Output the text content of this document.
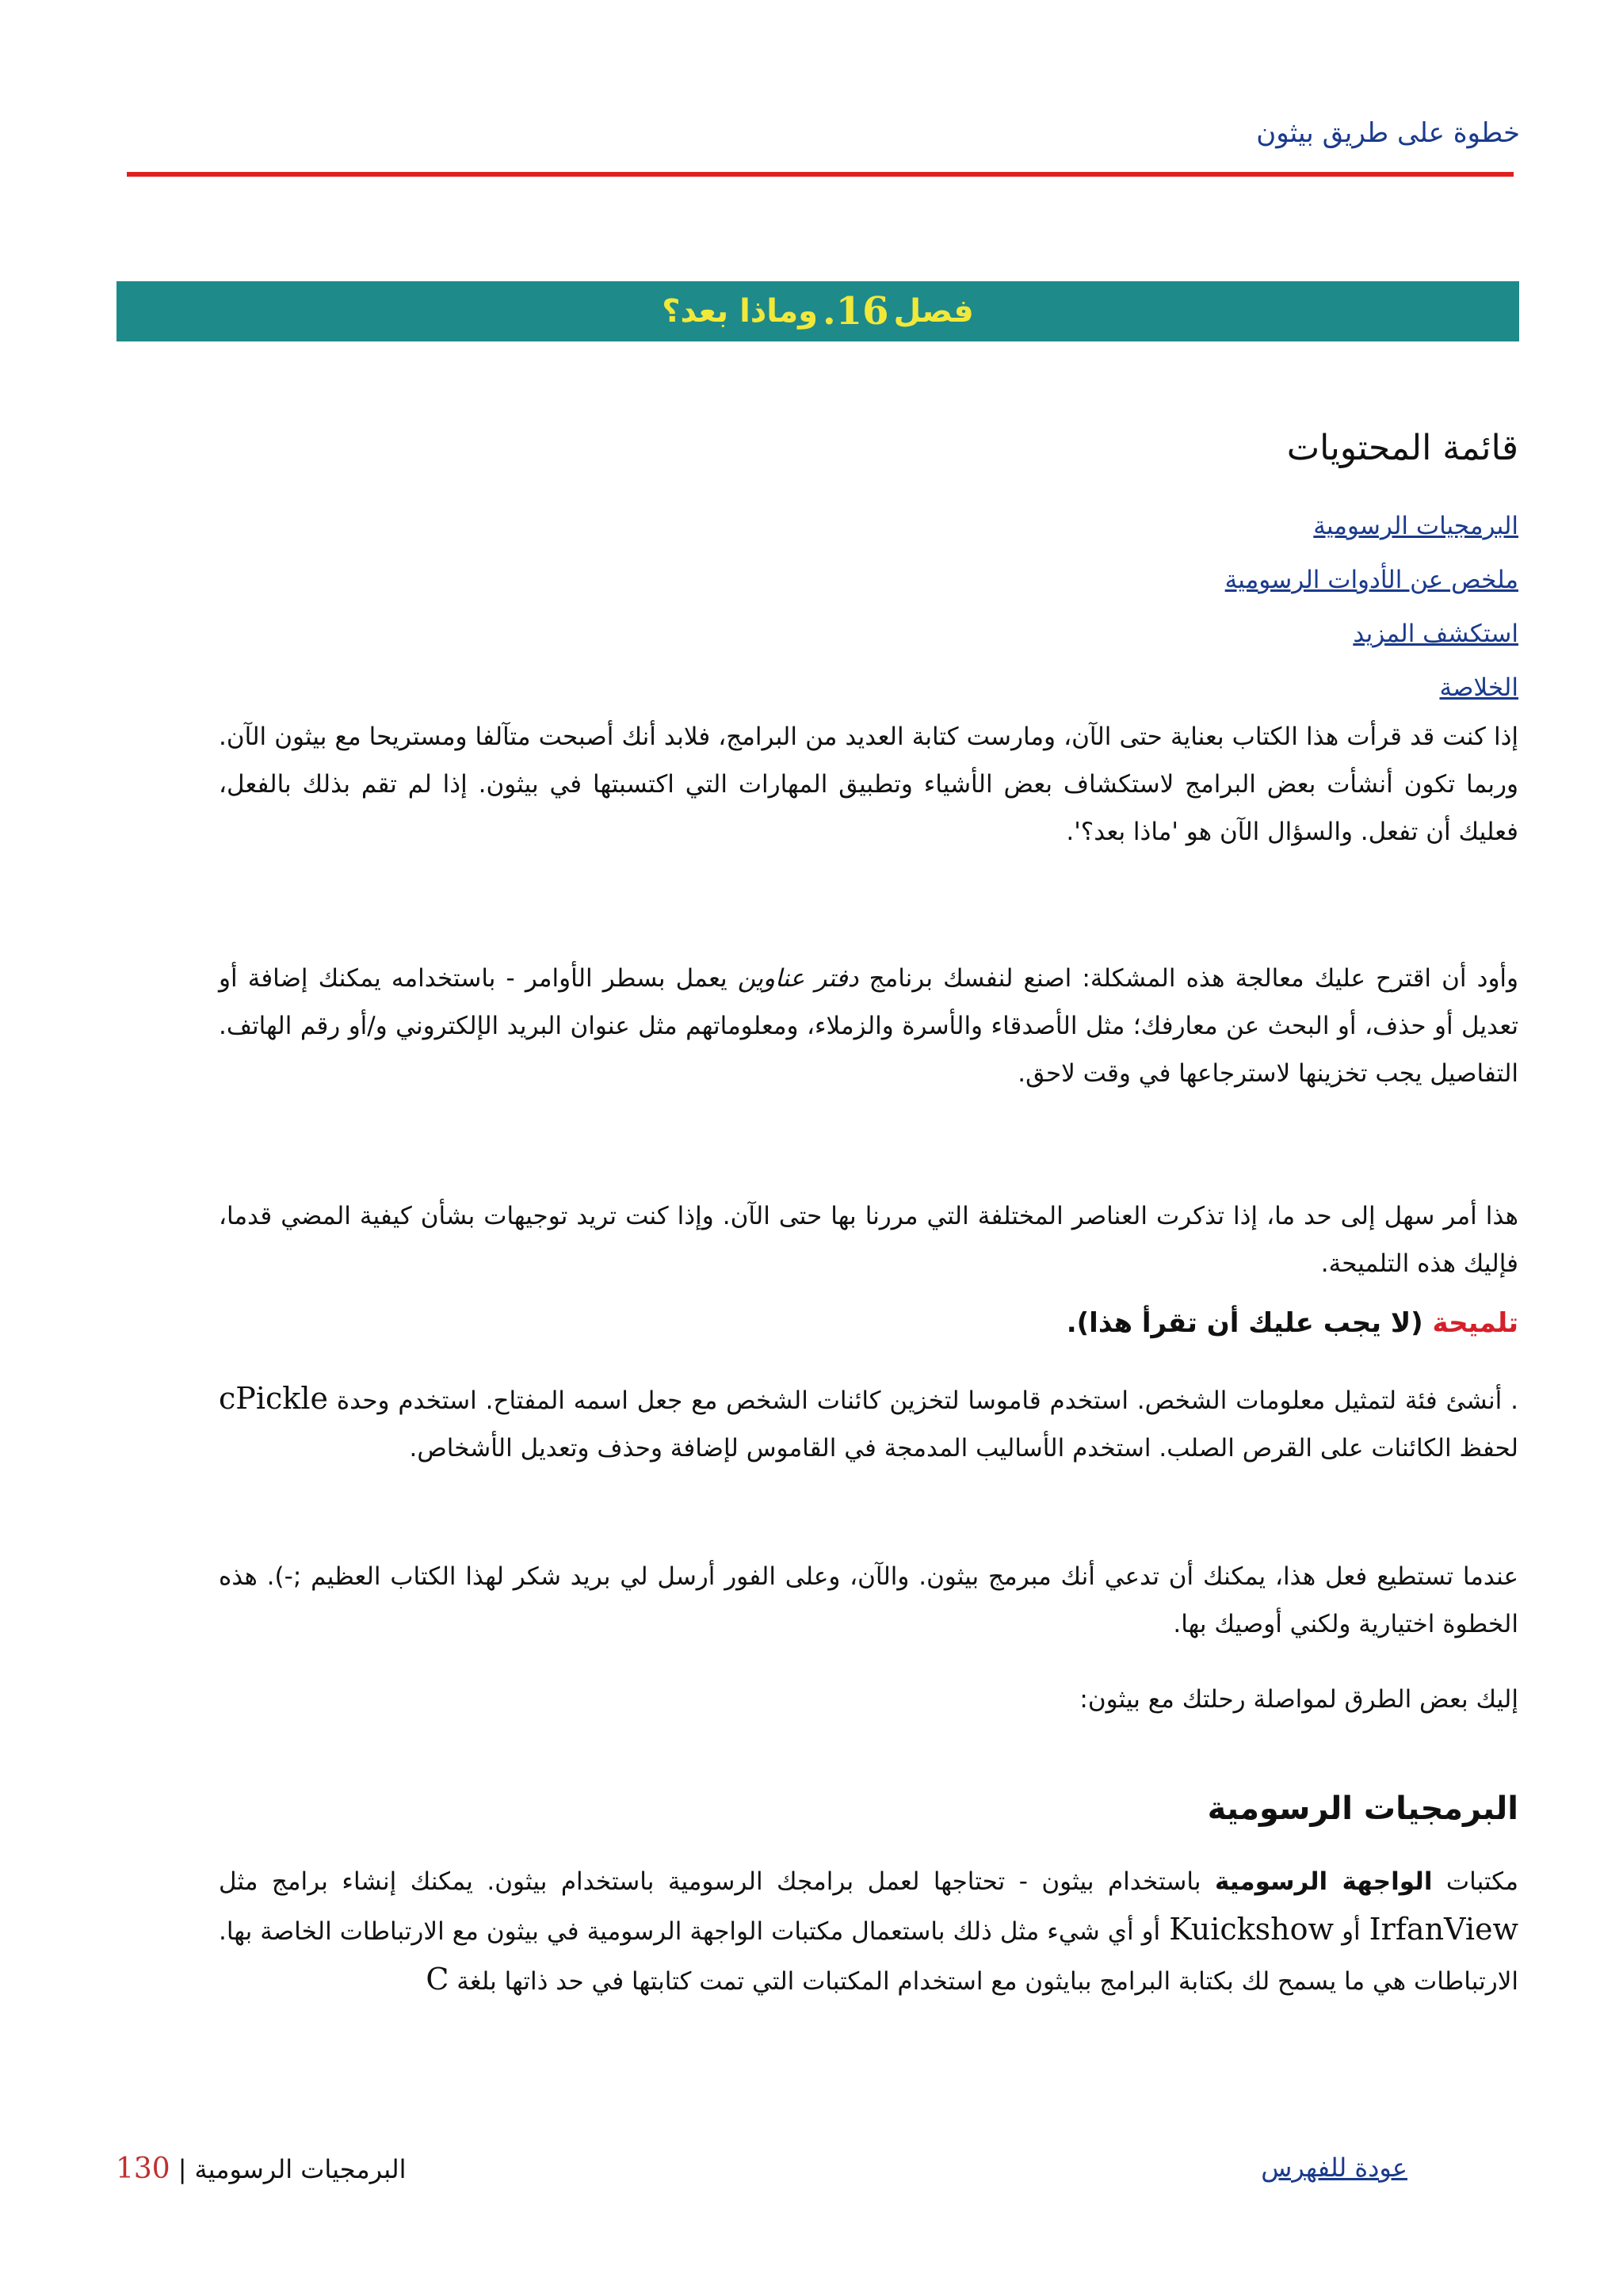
خطوة على طريق بيثون
فصل
16.
وماذا بعد؟
قائمة المحتويات
البرمجيات الرسومية
ملخص عن الأدوات الرسومية
استكشف المزيد
الخلاصة

إذا كنت قد قرأت هذا الكتاب بعناية حتى الآن، ومارست كتابة العديد من البرامج، فلابد أنك أصبحت متآلفا ومستريحا مع بيثون الآن. وربما تكون أنشأت بعض البرامج لاستكشاف بعض الأشياء وتطبيق المهارات التي اكتسبتها في بيثون. إذا لم تقم بذلك بالفعل، فعليك أن تفعل. والسؤال الآن هو 'ماذا بعد؟'.

وأود أن اقترح عليك معالجة هذه المشكلة: اصنع لنفسك برنامج دفتر عناوين يعمل بسطر الأوامر - باستخدامه يمكنك إضافة أو تعديل أو حذف، أو البحث عن معارفك؛ مثل الأصدقاء والأسرة والزملاء، ومعلوماتهم مثل عنوان البريد الإلكتروني و/أو رقم الهاتف. التفاصيل يجب تخزينها لاسترجاعها في وقت لاحق.

هذا أمر سهل إلى حد ما، إذا تذكرت العناصر المختلفة التي مررنا بها حتى الآن. وإذا كنت تريد توجيهات بشأن كيفية المضي قدما، فإليك هذه التلميحة.

تلميحة (لا يجب عليك أن تقرأ هذا).

. أنشئ فئة لتمثيل معلومات الشخص. استخدم قاموسا لتخزين كائنات الشخص مع جعل اسمه المفتاح. استخدم وحدة cPickle لحفظ الكائنات على القرص الصلب. استخدم الأساليب المدمجة في القاموس لإضافة وحذف وتعديل الأشخاص.

عندما تستطيع فعل هذا، يمكنك أن تدعي أنك مبرمج بيثون. والآن، وعلى الفور أرسل لي بريد شكر لهذا الكتاب العظيم ;-). هذه الخطوة اختيارية ولكني أوصيك بها.

إليك بعض الطرق لمواصلة رحلتك مع بيثون:

البرمجيات الرسومية

مكتبات الواجهة الرسومية باستخدام بيثون - تحتاجها لعمل برامجك الرسومية باستخدام بيثون. يمكنك إنشاء برامج مثل IrfanView أو Kuickshow أو أي شيء مثل ذلك باستعمال مكتبات الواجهة الرسومية في بيثون مع الارتباطات الخاصة بها. الارتباطات هي ما يسمح لك بكتابة البرامج ببايثون مع استخدام المكتبات التي تمت كتابتها في حد ذاتها بلغة C

130 | البرمجيات الرسومية	عودة للفهرس
